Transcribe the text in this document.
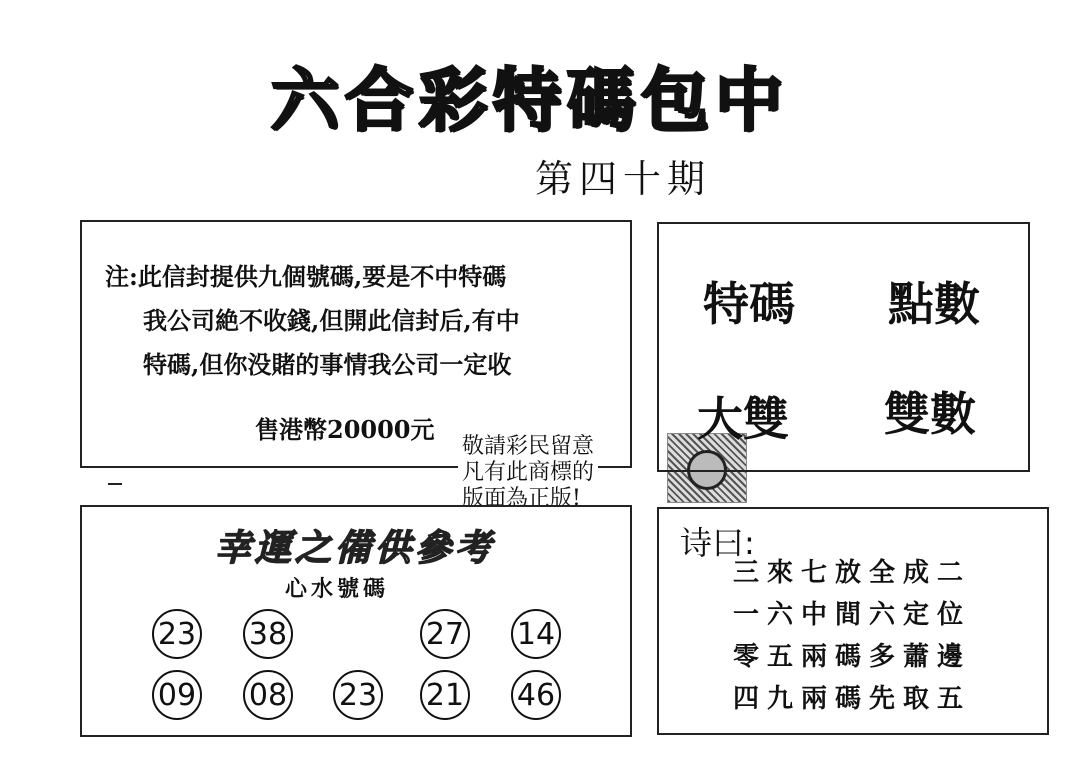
六合彩特碼包中
第四十期
注:此信封提供九個號碼,要是不中特碼
我公司絶不收錢,但開此信封后,有中
特碼,但你没賭的事情我公司一定收
售港幣20000元
敬請彩民留意
凡有此商標的
版面為正版!
特碼 點數
大雙 雙數
幸運之備供參考
心水號碼
23 38	27 14
09 08 23 21 46
诗曰:
三來七放全成二
一六中間六定位
零五兩碼多蕭邊
四九兩碼先取五
